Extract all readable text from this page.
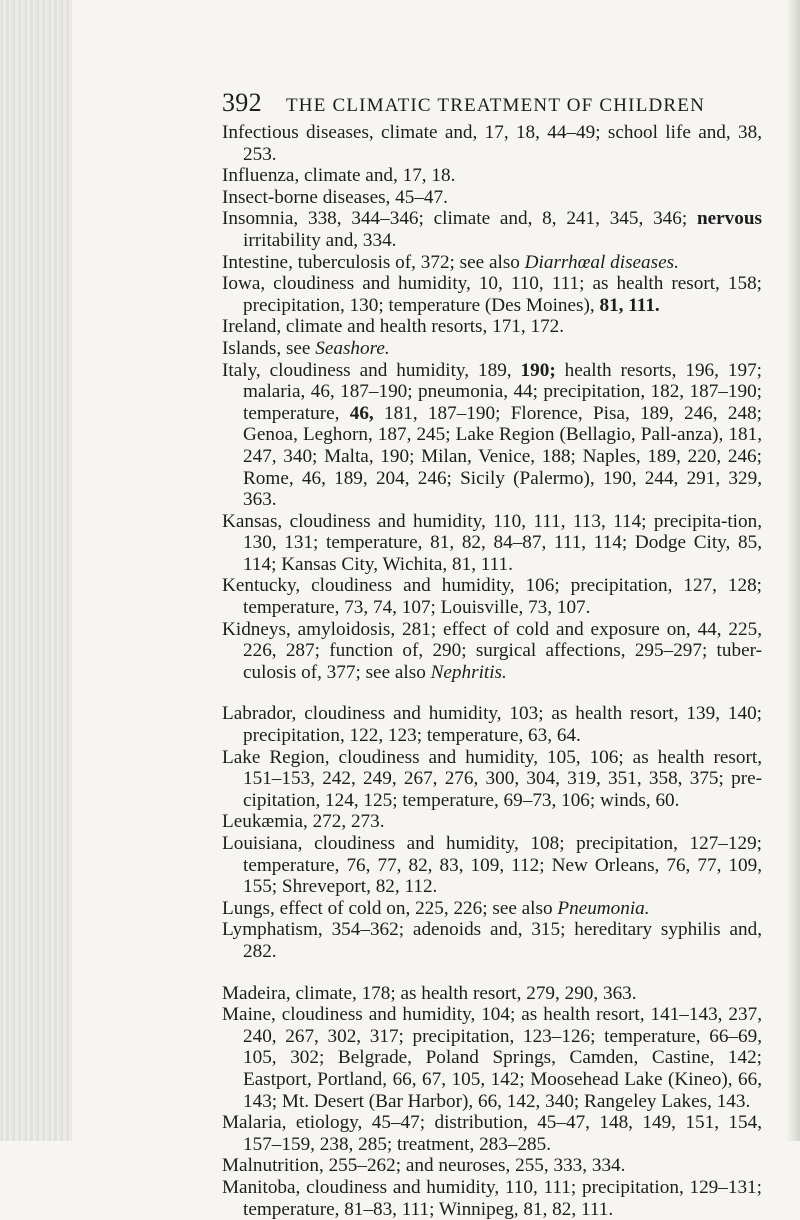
392	THE CLIMATIC TREATMENT OF CHILDREN
Infectious diseases, climate and, 17, 18, 44–49; school life and, 38, 253.
Influenza, climate and, 17, 18.
Insect-borne diseases, 45–47.
Insomnia, 338, 344–346; climate and, 8, 241, 345, 346; nervous irritability and, 334.
Intestine, tuberculosis of, 372; see also Diarrhœal diseases.
Iowa, cloudiness and humidity, 10, 110, 111; as health resort, 158; precipitation, 130; temperature (Des Moines), 81, 111.
Ireland, climate and health resorts, 171, 172.
Islands, see Seashore.
Italy, cloudiness and humidity, 189, 190; health resorts, 196, 197; malaria, 46, 187–190; pneumonia, 44; precipitation, 182, 187–190; temperature, 46, 181, 187–190; Florence, Pisa, 189, 246, 248; Genoa, Leghorn, 187, 245; Lake Region (Bellagio, Pall-anza), 181, 247, 340; Malta, 190; Milan, Venice, 188; Naples, 189, 220, 246; Rome, 46, 189, 204, 246; Sicily (Palermo), 190, 244, 291, 329, 363.
Kansas, cloudiness and humidity, 110, 111, 113, 114; precipita-tion, 130, 131; temperature, 81, 82, 84–87, 111, 114; Dodge City, 85, 114; Kansas City, Wichita, 81, 111.
Kentucky, cloudiness and humidity, 106; precipitation, 127, 128; temperature, 73, 74, 107; Louisville, 73, 107.
Kidneys, amyloidosis, 281; effect of cold and exposure on, 44, 225, 226, 287; function of, 290; surgical affections, 295–297; tuber-culosis of, 377; see also Nephritis.
Labrador, cloudiness and humidity, 103; as health resort, 139, 140; precipitation, 122, 123; temperature, 63, 64.
Lake Region, cloudiness and humidity, 105, 106; as health resort, 151–153, 242, 249, 267, 276, 300, 304, 319, 351, 358, 375; pre-cipitation, 124, 125; temperature, 69–73, 106; winds, 60.
Leukæmia, 272, 273.
Louisiana, cloudiness and humidity, 108; precipitation, 127–129; temperature, 76, 77, 82, 83, 109, 112; New Orleans, 76, 77, 109, 155; Shreveport, 82, 112.
Lungs, effect of cold on, 225, 226; see also Pneumonia.
Lymphatism, 354–362; adenoids and, 315; hereditary syphilis and, 282.
Madeira, climate, 178; as health resort, 279, 290, 363.
Maine, cloudiness and humidity, 104; as health resort, 141–143, 237, 240, 267, 302, 317; precipitation, 123–126; temperature, 66–69, 105, 302; Belgrade, Poland Springs, Camden, Castine, 142; Eastport, Portland, 66, 67, 105, 142; Moosehead Lake (Kineo), 66, 143; Mt. Desert (Bar Harbor), 66, 142, 340; Rangeley Lakes, 143.
Malaria, etiology, 45–47; distribution, 45–47, 148, 149, 151, 154, 157–159, 238, 285; treatment, 283–285.
Malnutrition, 255–262; and neuroses, 255, 333, 334.
Manitoba, cloudiness and humidity, 110, 111; precipitation, 129–131; temperature, 81–83, 111; Winnipeg, 81, 82, 111.
